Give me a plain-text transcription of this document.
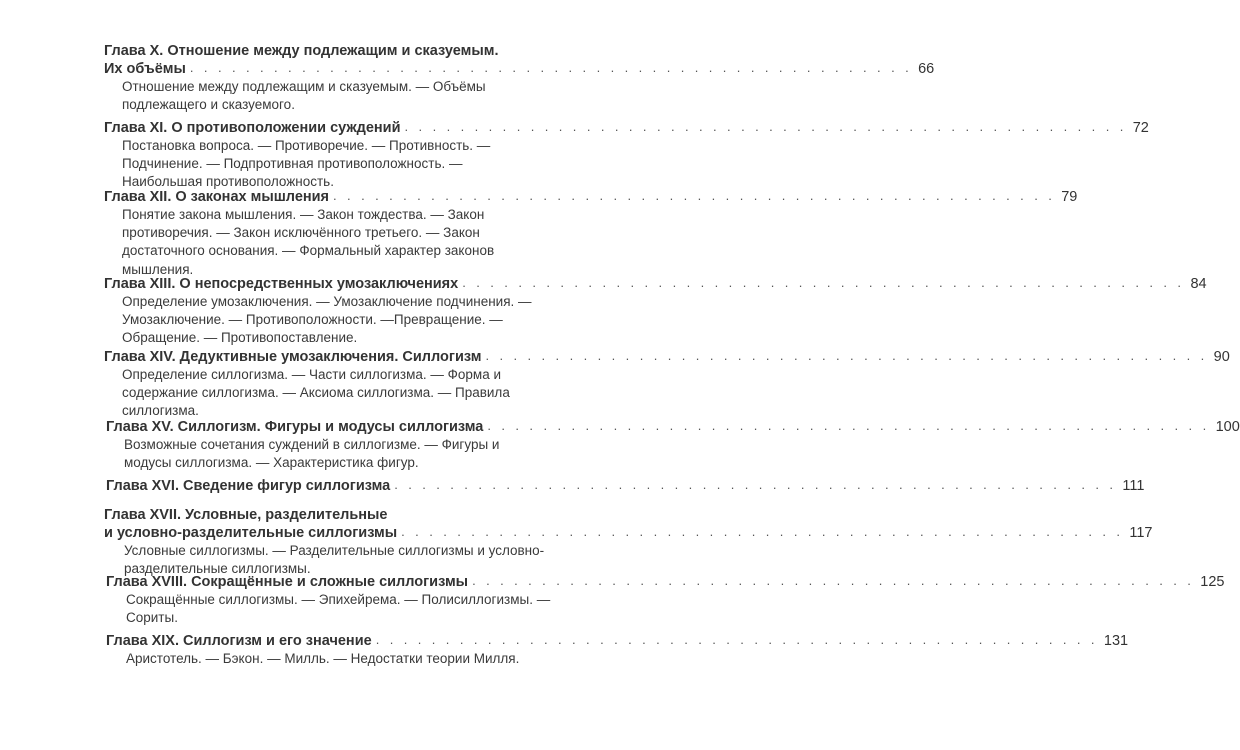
Глава X. Отношение между подлежащим и сказуемым.
Их объёмы . . . . . . . . . . . . . . . . . . . . . . . . . . . . . . . . . . . . . . . . . . . . . . . . . . . . 66
Отношение между подлежащим и сказуемым. — Объёмы
подлежащего и сказуемого.
Глава XI. О противоположении суждений . . . . . . . . . . . . . . . . . . . . . . . . . . . . . . . . . . . . . . . . . . . . . . . . . . . . 72
Постановка вопроса. — Противоречие. — Противность. —
Подчинение. — Подпротивная противоположность. —
Наибольшая противоположность.
Глава XII. О законах мышления . . . . . . . . . . . . . . . . . . . . . . . . . . . . . . . . . . . . . . . . . . . . . . . . . . . . 79
Понятие закона мышления. — Закон тождества. — Закон
противоречия. — Закон исключённого третьего. — Закон
достаточного основания. — Формальный характер законов
мышления.
Глава XIII. О непосредственных умозаключениях . . . . . . . . . . . . . . . . . . . . . . . . . . . . . . . . . . . . . . . . . . . . . . . . . . . . 84
Определение умозаключения. — Умозаключение подчинения. —
Умозаключение. — Противоположности. —Превращение. —
Обращение. — Противопоставление.
Глава XIV. Дедуктивные умозаключения. Силлогизм . . . . . . . . . . . . . . . . . . . . . . . . . . . . . . . . . . . . . . . . . . . . . . . . . . . . 90
Определение силлогизма. — Части силлогизма. — Форма и
содержание силлогизма. — Аксиома силлогизма. — Правила
силлогизма.
Глава XV. Силлогизм. Фигуры и модусы силлогизма . . . . . . . . . . . . . . . . . . . . . . . . . . . . . . . . . . . . . . . . . . . . . . . . . . . . 100
Возможные сочетания суждений в силлогизме. — Фигуры и
модусы силлогизма. — Характеристика фигур.
Глава XVI. Сведение фигур силлогизма . . . . . . . . . . . . . . . . . . . . . . . . . . . . . . . . . . . . . . . . . . . . . . . . . . . . 111
Глава XVII. Условные, разделительные
и условно-разделительные силлогизмы . . . . . . . . . . . . . . . . . . . . . . . . . . . . . . . . . . . . . . . . . . . . . . . . . . . . 117
Условные силлогизмы. — Разделительные силлогизмы и условно-
разделительные силлогизмы.
Глава XVIII. Сокращённые и сложные силлогизмы . . . . . . . . . . . . . . . . . . . . . . . . . . . . . . . . . . . . . . . . . . . . . . . . . . . . 125
Сокращённые силлогизмы. — Эпихейрема. — Полисиллогизмы. —
Сориты.
Глава XIX. Силлогизм и его значение . . . . . . . . . . . . . . . . . . . . . . . . . . . . . . . . . . . . . . . . . . . . . . . . . . . . 131
Аристотель. — Бэкон. — Милль. — Недостатки теории Милля.
